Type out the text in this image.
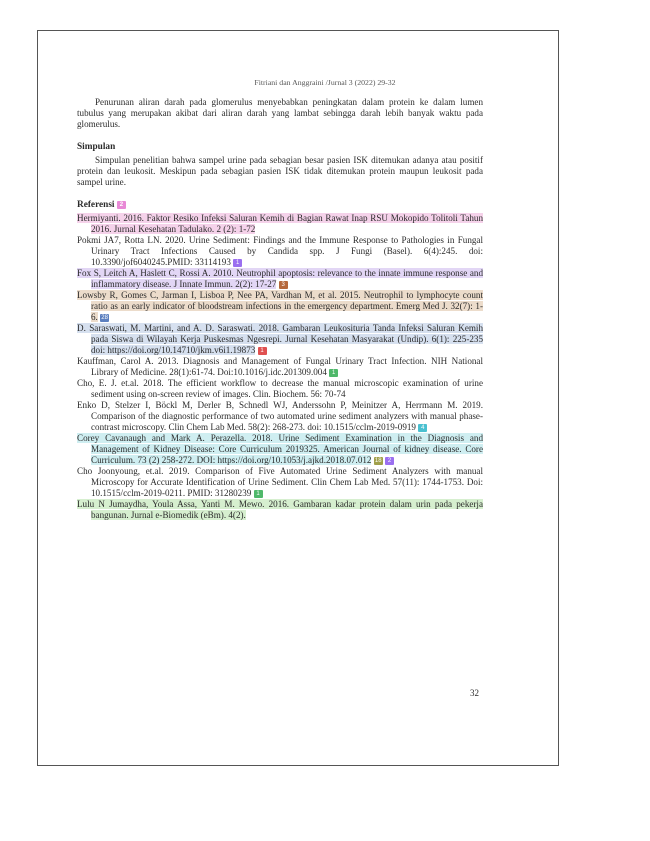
Fitriani dan Anggraini /Jurnal 3 (2022) 29-32

Penurunan aliran darah pada glomerulus menyebabkan peningkatan dalam protein ke dalam lumen tubulus yang merupakan akibat dari aliran darah yang lambat sebingga darah lebih banyak waktu pada glomerulus.

Simpulan

Simpulan penelitian bahwa sampel urine pada sebagian besar pasien ISK ditemukan adanya atau positif protein dan leukosit. Meskipun pada sebagian pasien ISK tidak ditemukan protein maupun leukosit pada sampel urine.

Referensi 2

Hermiyanti. 2016. Faktor Resiko Infeksi Saluran Kemih di Bagian Rawat Inap RSU Mokopido Tolitoli Tahun 2016. Jurnal Kesehatan Tadulako. 2 (2): 1-72

Pokmi JA7, Rotta LN. 2020. Urine Sediment: Findings and the Immune Response to Pathologies in Fungal Urinary Tract Infections Caused by Candida spp. J Fungi (Basel). 6(4):245. doi: 10.3390/jof6040245.PMID: 33114193 1

Fox S, Leitch A, Haslett C, Rossi A. 2010. Neutrophil apoptosis: relevance to the innate immune response and inflammatory disease. J Innate Immun. 2(2): 17-27 3

Lowsby R, Gomes C, Jarman I, Lisboa P, Nee PA, Vardhan M, et al. 2015. Neutrophil to lymphocyte count ratio as an early indicator of bloodstream infections in the emergency department. Emerg Med J. 32(7): 1-6. 28

D. Saraswati, M. Martini, and A. D. Saraswati. 2018. Gambaran Leukosituria Tanda Infeksi Saluran Kemih pada Siswa di Wilayah Kerja Puskesmas Ngesrepi. Jurnal Kesehatan Masyarakat (Undip). 6(1): 225-235 doi: https://doi.org/10.14710/jkm.v6i1.19873 1

Kauffman, Carol A. 2013. Diagnosis and Management of Fungal Urinary Tract Infection. NIH National Library of Medicine. 28(1):61-74. Doi:10.1016/j.idc.201309.004 1

Cho, E. J. et.al. 2018. The efficient workflow to decrease the manual microscopic examination of urine sediment using on-screen review of images. Clin. Biochem. 56: 70-74

Enko D, Stelzer I, Böckl M, Derler B, Schnedl WJ, Anderssohn P, Meinitzer A, Herrmann M. 2019. Comparison of the diagnostic performance of two automated urine sediment analyzers with manual phase-contrast microscopy. Clin Chem Lab Med. 58(2): 268-273. doi: 10.1515/cclm-2019-0919 4

Corey Cavanaugh and Mark A. Perazella. 2018. Urine Sediment Examination in the Diagnosis and Management of Kidney Disease: Core Curriculum 2019325. American Journal of kidney disease. Core Curriculum. 73 (2) 258-272. DOI: https://doi.org/10.1053/j.ajkd.2018.07.012 18 2

Cho Joonyoung, et.al. 2019. Comparison of Five Automated Urine Sediment Analyzers with manual Microscopy for Accurate Identification of Urine Sediment. Clin Chem Lab Med. 57(11): 1744-1753. Doi: 10.1515/cclm-2019-0211. PMID: 31280239 1

Lulu N Jumaydha, Youla Assa, Yanti M. Mewo. 2016. Gambaran kadar protein dalam urin pada pekerja bangunan. Jurnal e-Biomedik (eBm). 4(2).

32
